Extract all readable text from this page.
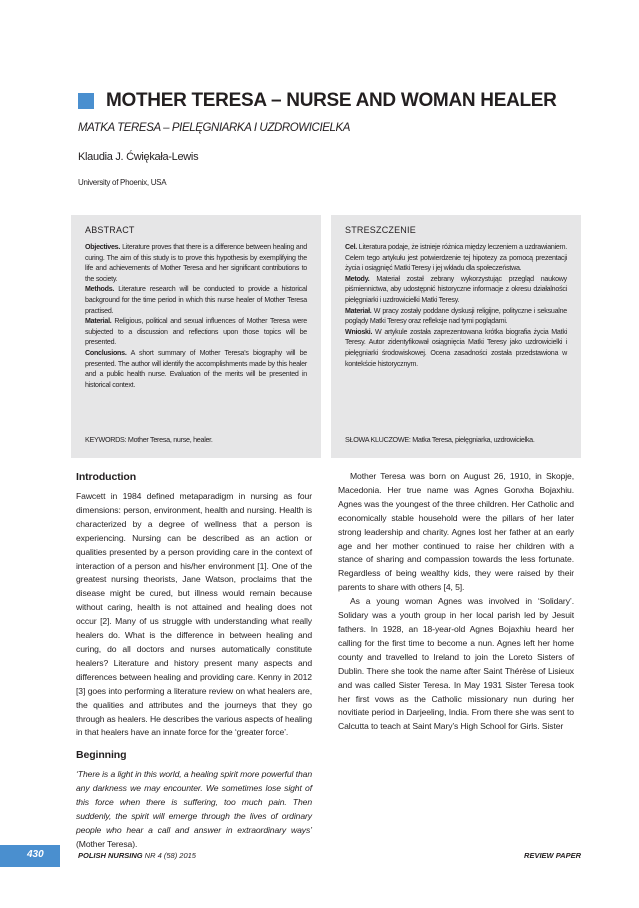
MOTHER TERESA – NURSE AND WOMAN HEALER
MATKA TERESA – PIELĘGNIARKA I UZDROWICIELKA
Klaudia J. Ćwiękała-Lewis
University of Phoenix, USA
ABSTRACT

Objectives. Literature proves that there is a difference between healing and curing. The aim of this study is to prove this hypothesis by exemplifying the life and achievements of Mother Teresa and her significant contributions to the society.

Methods. Literature research will be conducted to provide a historical background for the time period in which this nurse healer of Mother Teresa practised.

Material. Religious, political and sexual influences of Mother Teresa were subjected to a discussion and reflections upon those topics will be presented.

Conclusions. A short summary of Mother Teresa's biography will be presented. The author will identify the accomplishments made by this healer and a public health nurse. Evaluation of the merits will be presented in historical context.

KEYWORDS: Mother Teresa, nurse, healer.
STRESZCZENIE

Cel. Literatura podaje, że istnieje różnica między leczeniem a uzdrawianiem. Celem tego artykułu jest potwierdzenie tej hipotezy za pomocą prezentacji życia i osiągnięć Matki Teresy i jej wkładu dla społeczeństwa.

Metody. Materiał został zebrany wykorzystując przegląd naukowy piśmiennictwa, aby udostępnić historyczne informacje z okresu działalności pielęgniarki i uzdrowicielki Matki Teresy.

Materiał. W pracy zostały poddane dyskusji religijne, polityczne i seksualne poglądy Matki Teresy oraz refleksje nad tymi poglądami.

Wnioski. W artykule została zaprezentowana krótka biografia życia Matki Teresy. Autor zidentyfikował osiągnięcia Matki Teresy jako uzdrowicielki i pielęgniarki środowiskowej. Ocena zasadności została przedstawiona w kontekście historycznym.

SŁOWA KLUCZOWE: Matka Teresa, pielęgniarka, uzdrowicielka.
Introduction

Fawcett in 1984 defined metaparadigm in nursing as four dimensions: person, environment, health and nursing. Health is characterized by a degree of wellness that a person is experiencing. Nursing can be described as an action or qualities presented by a person providing care in the context of interaction of a person and his/her environment [1]. One of the greatest nursing theorists, Jane Watson, proclaims that the disease might be cured, but illness would remain because without caring, health is not attained and healing does not occur [2]. Many of us struggle with understanding what really healers do. What is the difference in between healing and curing, do all doctors and nurses automatically constitute healers? Literature and history present many aspects and differences between healing and providing care. Kenny in 2012 [3] goes into performing a literature review on what healers are, the qualities and attributes and the journeys that they go through as healers. He describes the various aspects of healing in that healers have an innate force for the ‘greater force’.

Beginning

‘There is a light in this world, a healing spirit more powerful than any darkness we may encounter. We sometimes lose sight of this force when there is suffering, too much pain. Then suddenly, the spirit will emerge through the lives of ordinary people who hear a call and answer in extraordinary ways’ (Mother Teresa).

Mother Teresa was born on August 26, 1910, in Skopje, Macedonia. Her true name was Agnes Gonxha Bojaxhiu. Agnes was the youngest of the three children. Her Catholic and economically stable household were the pillars of her later strong leadership and charity. Agnes lost her father at an early age and her mother continued to raise her children with a stance of sharing and compassion towards the less fortunate. Regardless of being wealthy kids, they were raised by their parents to share with others [4, 5].

As a young woman Agnes was involved in ‘Solidary’. Solidary was a youth group in her local parish led by Jesuit fathers. In 1928, an 18-year-old Agnes Bojaxhiu heard her calling for the first time to become a nun. Agnes left her home county and travelled to Ireland to join the Loreto Sisters of Dublin. There she took the name after Saint Thérèse of Lisieux and was called Sister Teresa. In May 1931 Sister Teresa took her first vows as the Catholic missionary nun during her novitiate period in Darjeeling, India. From there she was sent to Calcutta to teach at Saint Mary’s High School for Girls. Sister

430	POLISH NURSING NR 4 (58) 2015	REVIEW PAPER
